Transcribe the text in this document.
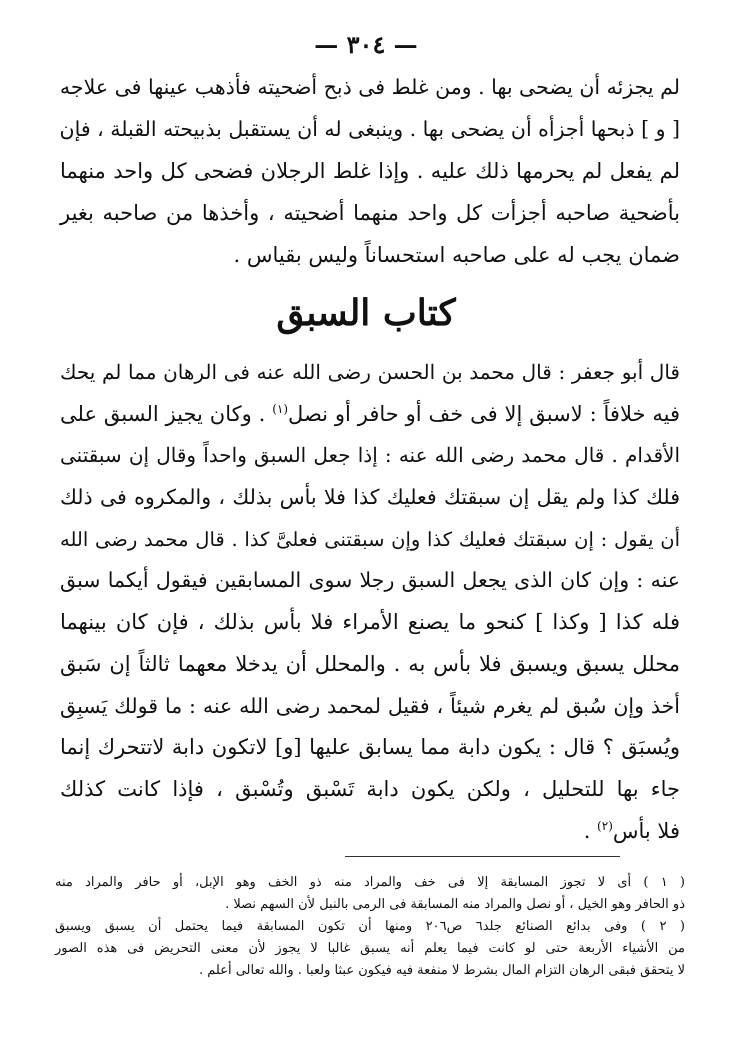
— ٣٠٤ —
لم يجزئه أن يضحى بها . ومن غلط فى ذبح أضحيته فأذهب عينها فى علاجه
[ و ] ذبحها أجزأه أن يضحى بها . وينبغى له أن يستقبل بذبيحته القبلة ، فإن
لم يفعل لم يحرمها ذلك عليه . وإذا غلط الرجلان فضحى كل واحد منهما
بأضحية صاحبه أجزأت كل واحد منهما أضحيته ، وأخذها من صاحبه بغير
ضمان يجب له على صاحبه استحساناً وليس بقياس .
كتاب السبق
قال أبو جعفر : قال محمد بن الحسن رضى الله عنه فى الرهان مما لم يحك
فيه خلافاً : لاسبق إلا فى خف أو حافر أو نصل$^{(١)}$ . وكان يجيز السبق على
الأقدام . قال محمد رضى الله عنه : إذا جعل السبق واحداً وقال إن سبقتنى
فلك كذا ولم يقل إن سبقتك فعليك كذا فلا بأس بذلك ، والمكروه فى ذلك
أن يقول : إن سبقتك فعليك كذا وإن سبقتنى فعلىَّ كذا . قال محمد رضى الله
عنه : وإن كان الذى يجعل السبق رجلا سوى المسابقين فيقول أيكما سبق
فله كذا [ وكذا ] كنحو ما يصنع الأمراء فلا بأس بذلك ، فإن كان بينهما
محلل يسبق ويسبق فلا بأس به . والمحلل أن يدخلا معهما ثالثاً إن سَبق
أخذ وإن سُبق لم يغرم شيئاً ، فقيل لمحمد رضى الله عنه : ما قولك يَسبِق
ويُسبَق ؟ قال : يكون دابة مما يسابق عليها [و] لاتكون دابة لاتتحرك إنما
جاء بها للتحليل ، ولكن يكون دابة تَسْبق وتُسْبق ، فإذا كانت كذلك
فلا بأس$^{(٢)}$ .
( ١ ) أى لا تجوز المسابقة إلا فى خف والمراد منه ذو الخف وهو الإبل، أو حافر والمراد منه
ذو الحافر وهو الخيل ، أو نصل والمراد منه المسابقة فى الرمى بالنبل لأن السهم نصلا .
( ٢ ) وفى بدائع الصنائع جلد٦ ص٢٠٦ ومنها أن تكون المسابقة فيما يحتمل أن يسبق ويسبق
من الأشياء الأربعة حتى لو كانت فيما يعلم أنه يسبق غالبا لا يجوز لأن معنى التحريض فى هذه الصور
لا يتحقق فبقى الرهان التزام المال بشرط لا منفعة فيه فيكون عبثا ولعبا . والله تعالى أعلم .
